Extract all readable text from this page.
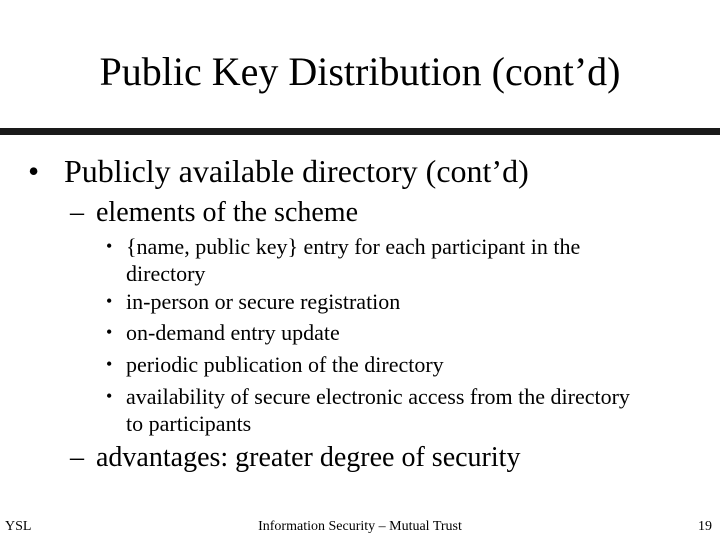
Public Key Distribution (cont’d)
• Publicly available directory (cont’d)
– elements of the scheme
• {name, public key} entry for each participant in the
directory
• in-person or secure registration
• on-demand entry update
• periodic publication of the directory
• availability of secure electronic access from the directory
to participants
– advantages: greater degree of security
YSL	Information Security – Mutual Trust	19
